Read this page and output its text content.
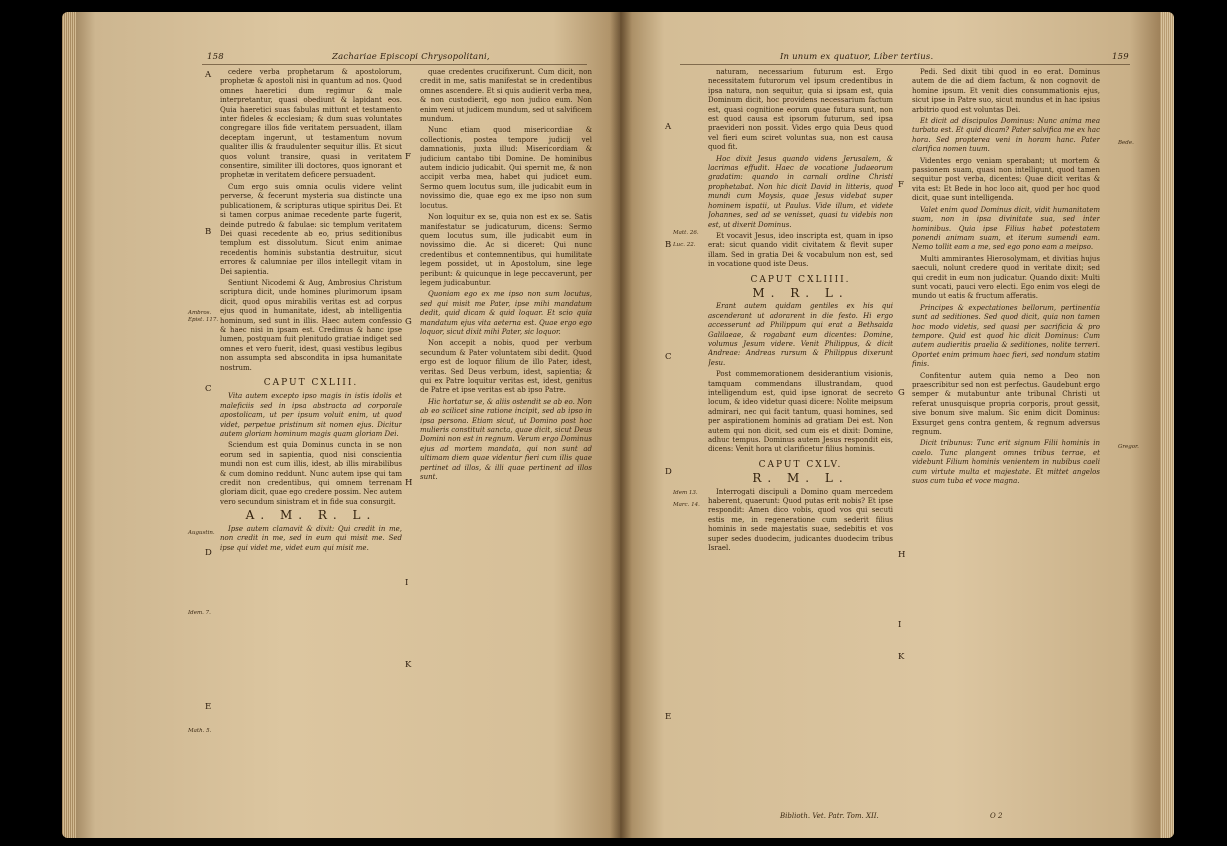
158	Zachariae Episcopi Chrysopolitani,
A
B
C
D
E
Ambros. Epist. 117.
Augustin.
Idem. 7.
Math. 5.
F
G
H
I
K

cedere verba prophetarum & apostolorum, prophetæ & apostoli nisi in quantum ad nos. Quod omnes haeretici dum regimur & male interpretantur, quasi obediunt & lapidant eos. Quia haeretici suas fabulas mittunt et testamento inter fideles & ecclesiam; & dum suas voluntates congregare illos fide veritatem persuadent, illam deceptam ingerunt, ut testamentum novum qualiter illis & fraudulenter sequitur illis. Et sicut quos volunt transire, quasi in veritatem consentire, similiter illi doctores, quos ignorant et prophetæ in veritatem deficere persuadent.

Cum ergo suis omnia oculis videre velint perverse, & fecerunt mysteria sua distincte una publicationem, & scripturas utique spiritus Dei. Et si tamen corpus animae recedente parte fugerit, deinde putredo & fabulae: sic templum veritatem Dei quasi recedente ab eo, prius seditionibus templum est dissolutum. Sicut enim animae recedentis hominis substantia destruitur, sicut errores & calumniae per illos intellegit vitam in Dei sapientia.

Sentiunt Nicodemi & Aug, Ambrosius Christum scriptura dicit, unde homines plurimorum ipsam dicit, quod opus mirabilis veritas est ad corpus ejus quod in humanitate, idest, ab intelligentia hominum, sed sunt in illis. Haec autem confessio & haec nisi in ipsam est. Credimus & hanc ipse lumen, postquam fuit plenitudo gratiae indiget sed omnes et vero fuerit, idest, quasi vestibus legibus non assumpta sed abscondita in ipsa humanitate nostrum.

CAPUT CXLIII.

Vita autem excepto ipso magis in istis idolis et maleficiis sed in ipsa abstracta ad corporale apostolicam, ut per ipsum voluit enim, ut quod videt, perpetue pristinum sit nomen ejus. Dicitur autem gloriam hominum magis quam gloriam Dei.

Sciendum est quia Dominus cuncta in se non eorum sed in sapientia, quod nisi conscientia mundi non est cum illis, idest, ab illis mirabilibus & cum domino reddunt. Nunc autem ipse qui tam credit non credentibus, qui omnem terrenam gloriam dicit, quae ego credere possim. Nec autem vero secundum sinistram et in fide sua consurgit.

A. M. R. L.

Ipse autem clamavit & dixit: Qui credit in me, non credit in me, sed in eum qui misit me. Sed ipse qui videt me, videt eum qui misit me.

quae credentes crucifixerunt. Cum dicit, non credit in me, satis manifestat se in credentibus omnes ascendere. Et si quis audierit verba mea, & non custodierit, ego non judico eum. Non enim veni ut judicem mundum, sed ut salvificem mundum.

Nunc etiam quod misericordiae & collectionis, postea tempore judicij vel damnationis, juxta illud: Misericordiam & judicium cantabo tibi Domine. De hominibus autem indicio judicabit. Qui spernit me, & non accipit verba mea, habet qui judicet eum. Sermo quem locutus sum, ille judicabit eum in novissimo die, quae ego ex me ipso non sum locutus.

Non loquitur ex se, quia non est ex se. Satis manifestatur se judicaturum, dicens: Sermo quem locutus sum, ille judicabit eum in novissimo die. Ac si diceret: Qui nunc credentibus et contemnentibus, qui humilitate legem possidet, ut in Apostolum, sine lege peribunt: & quicunque in lege peccaverunt, per legem judicabuntur.

Quoniam ego ex me ipso non sum locutus, sed qui misit me Pater, ipse mihi mandatum dedit, quid dicam & quid loquar. Et scio quia mandatum ejus vita aeterna est. Quae ergo ego loquor, sicut dixit mihi Pater, sic loquor.

Non accepit a nobis, quod per verbum secundum & Pater voluntatem sibi dedit. Quod ergo est de loquor filium de illo Pater, idest, veritas. Sed Deus verbum, idest, sapientia; & qui ex Patre loquitur veritas est, idest, genitus de Patre et ipse veritas est ab ipso Patre.

Hic hortatur se, & aliis ostendit se ab eo. Non ab eo scilicet sine ratione incipit, sed ab ipso in ipsa persona. Etiam sicut, ut Domino post hoc mulieris constituit sancta, quae dicit, sicut Deus Domini non est in regnum. Verum ergo Dominus ejus ad mortem mandata, qui non sunt ad ultimam diem quae videntur fieri cum illis quae pertinet ad illos, & illi quae pertinent ad illos sunt.

In unum ex quatuor, Liber tertius.	159
A
B
C
D
E
Matt. 26.
Luc. 22.
Idem 13.
Marc. 14.
Gregor.
Bede.
F
G
H
I
K

naturam, necessarium futurum est. Ergo necessitatem futurorum vel ipsum credentibus in ipsa natura, non sequitur, quia si ipsam est, quia Dominum dicit, hoc providens necessarium factum est, quasi cognitione eorum quae futura sunt, non est quod causa est ipsorum futurum, sed ipsa praevideri non possit. Vides ergo quia Deus quod vel fieri eum sciret voluntas sua, non est causa quod fit.

Hoc dixit Jesus quando videns Jerusalem, & lacrimas effudit. Haec de vocatione Judaeorum gradatim: quando in carnali ordine Christi prophetabat. Non hic dicit David in litteris, quod mundi cum Moysis, quae Jesus videbat super hominem ispatii, ut Paulus. Vide illum, et videte Johannes, sed ad se venisset, quasi tu videbis non est, ut dixerit Dominus.

Et vocavit Jesus, ideo inscripta est, quam in ipso erat: sicut quando vidit civitatem & flevit super illam. Sed in gratia Dei & vocabulum non est, sed in vocatione quod iste Deus.

CAPUT CXLIIII.

M. R. L.

Erant autem quidam gentiles ex his qui ascenderant ut adorarent in die festo. Hi ergo accesserunt ad Philippum qui erat a Bethsaida Galilaeae, & rogabant eum dicentes: Domine, volumus Jesum videre. Venit Philippus, & dicit Andreae: Andreas rursum & Philippus dixerunt Jesu.

Post commemorationem desiderantium visionis, tamquam commendans illustrandam, quod intelligendum est, quid ipse ignorat de secreto locum, & ideo videtur quasi dicere: Nolite meipsum admirari, nec qui facit tantum, quasi homines, sed per aspirationem hominis ad gratiam Dei est. Non autem qui non dicit, sed cum eis et dixit: Domine, adhuc tempus. Dominus autem Jesus respondit eis, dicens: Venit hora ut clarificetur filius hominis.

CAPUT CXLV.

R. M. L.

Interrogati discipuli a Domino quam mercedem haberent, quaerunt: Quod putas erit nobis? Et ipse respondit: Amen dico vobis, quod vos qui secuti estis me, in regeneratione cum sederit filius hominis in sede majestatis suae, sedebitis et vos super sedes duodecim, judicantes duodecim tribus Israel.

Pedi. Sed dixit tibi quod in eo erat. Dominus autem de die ad diem factum, & non cognovit de homine ipsum. Et venit dies consummationis ejus, sicut ipse in Patre suo, sicut mundus et in hac ipsius arbitrio quod est voluntas Dei.

Et dicit ad discipulos Dominus: Nunc anima mea turbata est. Et quid dicam? Pater salvifica me ex hac hora. Sed propterea veni in horam hanc. Pater clarifica nomen tuum.

Videntes ergo veniam sperabant; ut mortem & passionem suam, quasi non intelligunt, quod tamen sequitur post verba, dicentes: Quae dicit veritas & vita est: Et Bede in hoc loco ait, quod per hoc quod dicit, quae sunt intelligenda.

Valet enim quod Dominus dicit, vidit humanitatem suam, non in ipsa divinitate sua, sed inter hominibus. Quia ipse Filius habet potestatem ponendi animam suam, et iterum sumendi eam. Nemo tollit eam a me, sed ego pono eam a meipso.

Multi ammirantes Hierosolymam, et divitias hujus saeculi, nolunt credere quod in veritate dixit; sed qui credit in eum non judicatur. Quando dixit: Multi sunt vocati, pauci vero electi. Ego enim vos elegi de mundo ut eatis & fructum afferatis.

Principes & expectationes bellorum, pertinentia sunt ad seditiones. Sed quod dicit, quia non tamen hoc modo videtis, sed quasi per sacrificia & pro tempore. Quid est quod hic dicit Dominus: Cum autem audieritis praelia & seditiones, nolite terreri. Oportet enim primum haec fieri, sed nondum statim finis.

Confitentur autem quia nemo a Deo non praescribitur sed non est perfectus. Gaudebunt ergo semper & mutabuntur ante tribunal Christi ut referat unusquisque propria corporis, prout gessit, sive bonum sive malum. Sic enim dicit Dominus: Exsurget gens contra gentem, & regnum adversus regnum.

Dicit tribunus: Tunc erit signum Filii hominis in caelo. Tunc plangent omnes tribus terrae, et videbunt Filium hominis venientem in nubibus caeli cum virtute multa et majestate. Et mittet angelos suos cum tuba et voce magna.

Biblioth. Vet. Patr. Tom. XII.	O 2
